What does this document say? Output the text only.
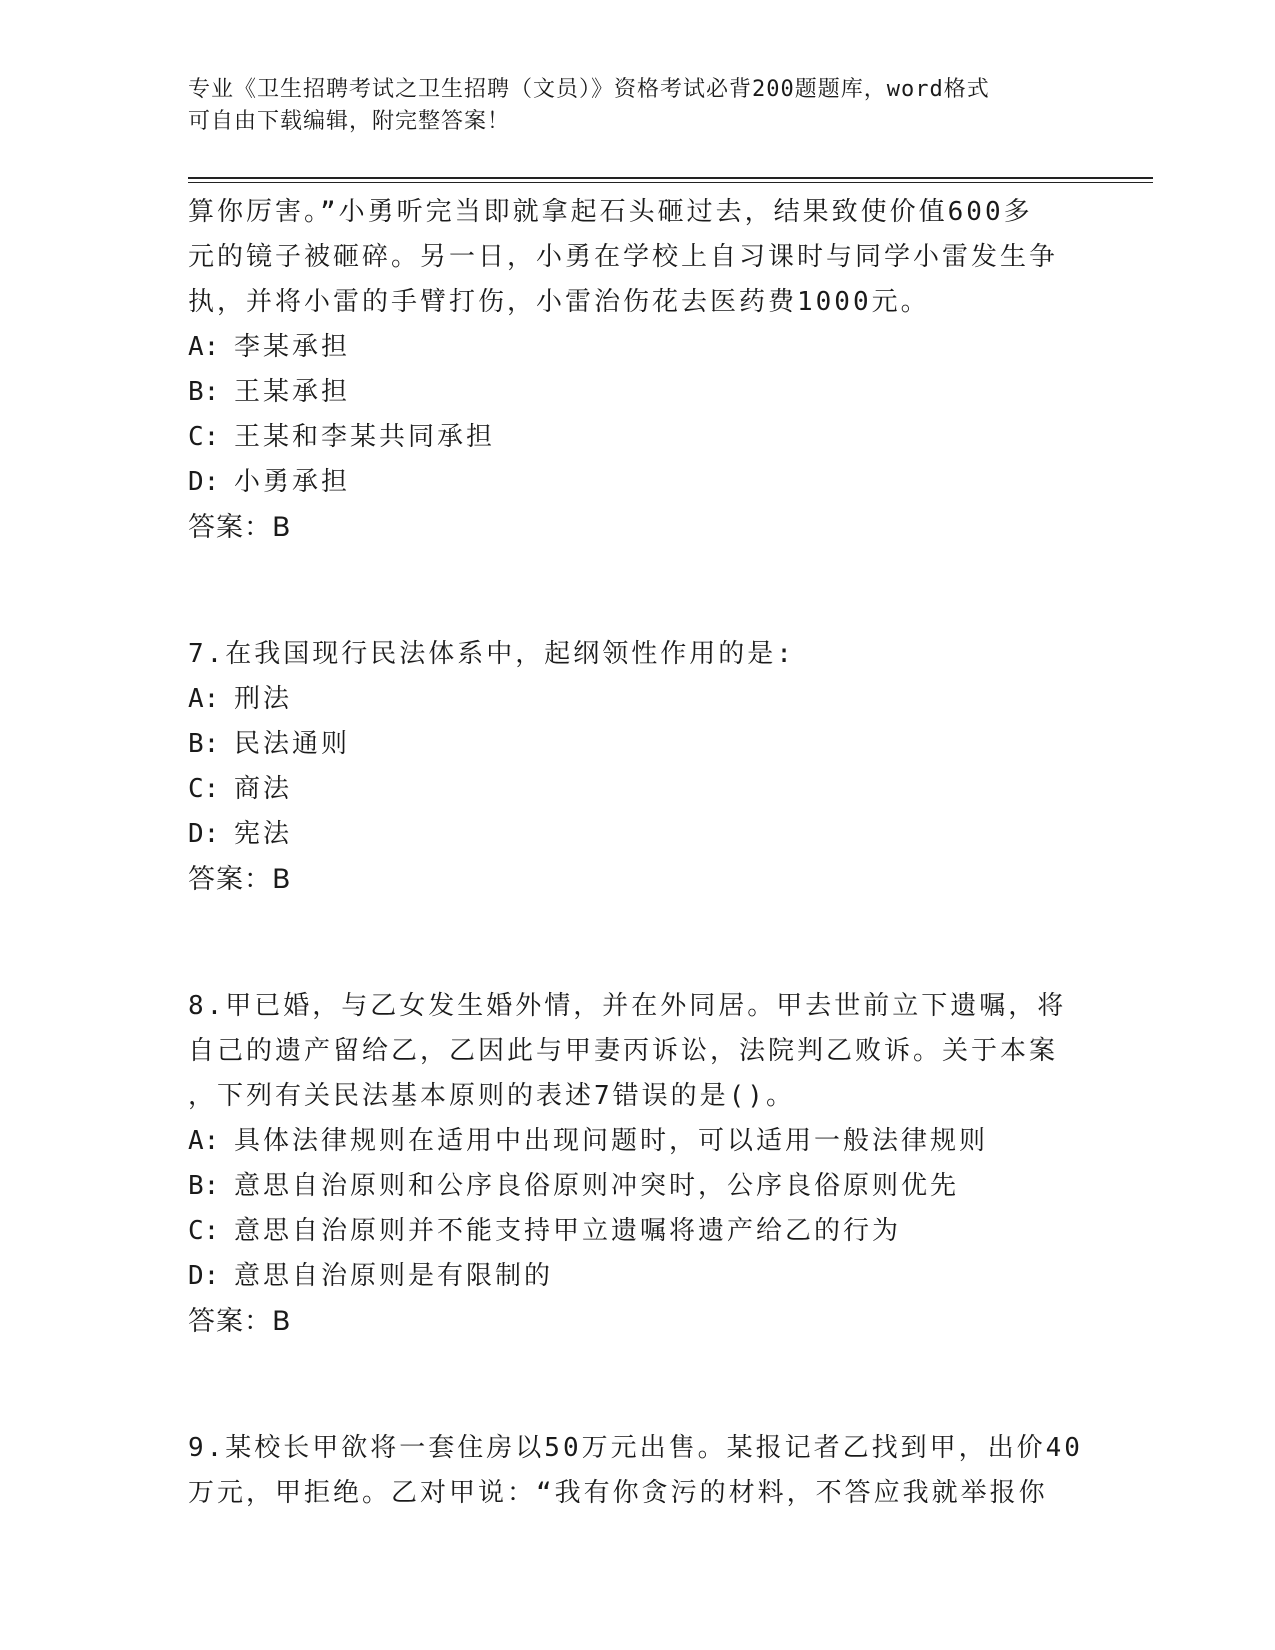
专业《卫生招聘考试之卫生招聘（文员）》资格考试必背200题题库，word格式
可自由下载编辑，附完整答案！
算你厉害。”小勇听完当即就拿起石头砸过去，结果致使价值600多
元的镜子被砸碎。另一日，小勇在学校上自习课时与同学小雷发生争
执，并将小雷的手臂打伤，小雷治伤花去医药费1000元。
A: 李某承担
B: 王某承担
C: 王某和李某共同承担
D: 小勇承担
答案：B
7.在我国现行民法体系中，起纲领性作用的是:
A: 刑法
B: 民法通则
C: 商法
D: 宪法
答案：B
8.甲已婚，与乙女发生婚外情，并在外同居。甲去世前立下遗嘱，将
自己的遗产留给乙，乙因此与甲妻丙诉讼，法院判乙败诉。关于本案
，下列有关民法基本原则的表述7错误的是()。
A: 具体法律规则在适用中出现问题时，可以适用一般法律规则
B: 意思自治原则和公序良俗原则冲突时，公序良俗原则优先
C: 意思自治原则并不能支持甲立遗嘱将遗产给乙的行为
D: 意思自治原则是有限制的
答案：B
9.某校长甲欲将一套住房以50万元出售。某报记者乙找到甲，出价40
万元，甲拒绝。乙对甲说：“我有你贪污的材料，不答应我就举报你
